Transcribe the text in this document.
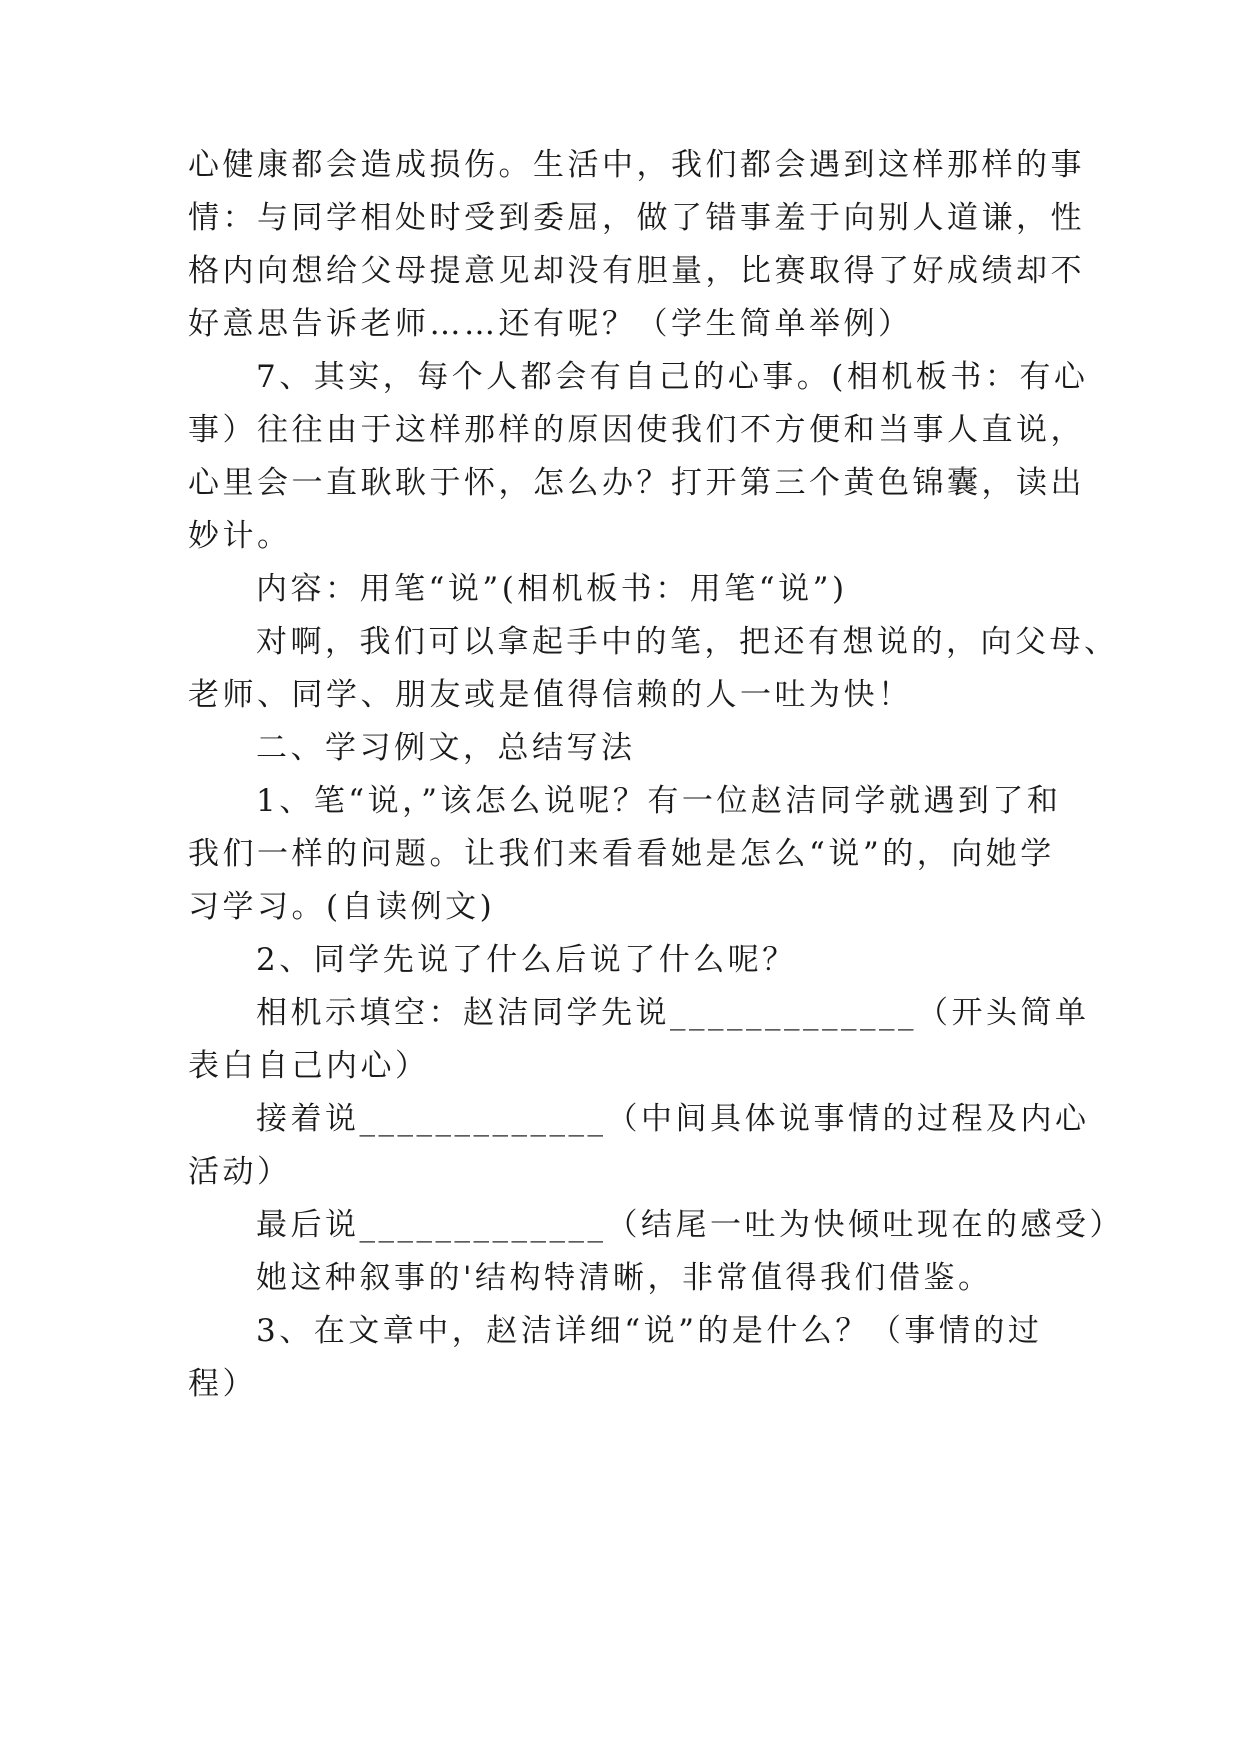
心健康都会造成损伤。生活中，我们都会遇到这样那样的事
情：与同学相处时受到委屈，做了错事羞于向别人道谦，性
格内向想给父母提意见却没有胆量，比赛取得了好成绩却不
好意思告诉老师……还有呢？（学生简单举例）
7、其实，每个人都会有自己的心事。(相机板书：有心
事）往往由于这样那样的原因使我们不方便和当事人直说，
心里会一直耿耿于怀，怎么办？打开第三个黄色锦囊，读出
妙计。
内容：用笔“说”(相机板书：用笔“说”)
对啊，我们可以拿起手中的笔，把还有想说的，向父母、
老师、同学、朋友或是值得信赖的人一吐为快！
二、学习例文，总结写法
1、笔“说，”该怎么说呢？有一位赵洁同学就遇到了和
我们一样的问题。让我们来看看她是怎么“说”的，向她学
习学习。(自读例文)
2、同学先说了什么后说了什么呢？
相机示填空：赵洁同学先说_____________（开头简单
表白自己内心）
接着说_____________（中间具体说事情的过程及内心
活动）
最后说_____________（结尾一吐为快倾吐现在的感受）
她这种叙事的'结构特清晰，非常值得我们借鉴。
3、在文章中，赵洁详细“说”的是什么？（事情的过
程）
